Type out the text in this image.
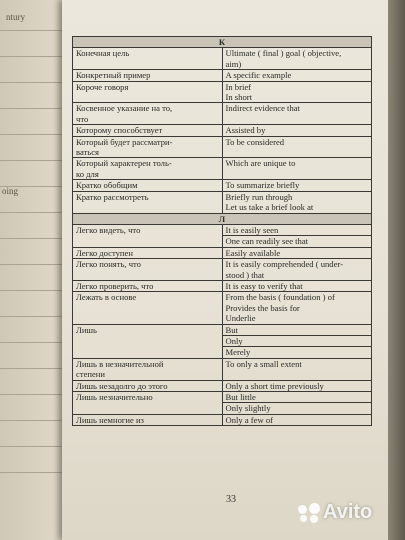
ntury
oing
К	

Конечная цель	Ultimate ( final ) goal ( objective,
aim)

Конкретный пример	A specific example

Короче говоря	In brief
In short

Косвенное указание на то,
что	Indirect evidence that

Которому способствует	Assisted by

Который будет рассматри-
ваться	To be considered

Который характерен толь-
ко для	Which are unique to

Кратко обобщим	To summarize briefly

Кратко рассмотреть	Briefly run through
Let us take a brief look at

Л	

Легко видеть, что	It is easily seen
One can readily see that

Легко доступен	Easily available

Легко понять, что	It is easily comprehended ( under-
stood ) that

Легко проверить, что	It is easy to verify that

Лежать в основе	From the basis ( foundation ) of
Provides the basis for
Underlie

Лишь	But
Only
Merely

Лишь в незначительной
степени	To only a small extent

Лишь незадолго до этого	Only a short time previously

Лишь незначительно	But little
Only slightly

Лишь немногие из	Only a few of
33
Avito
